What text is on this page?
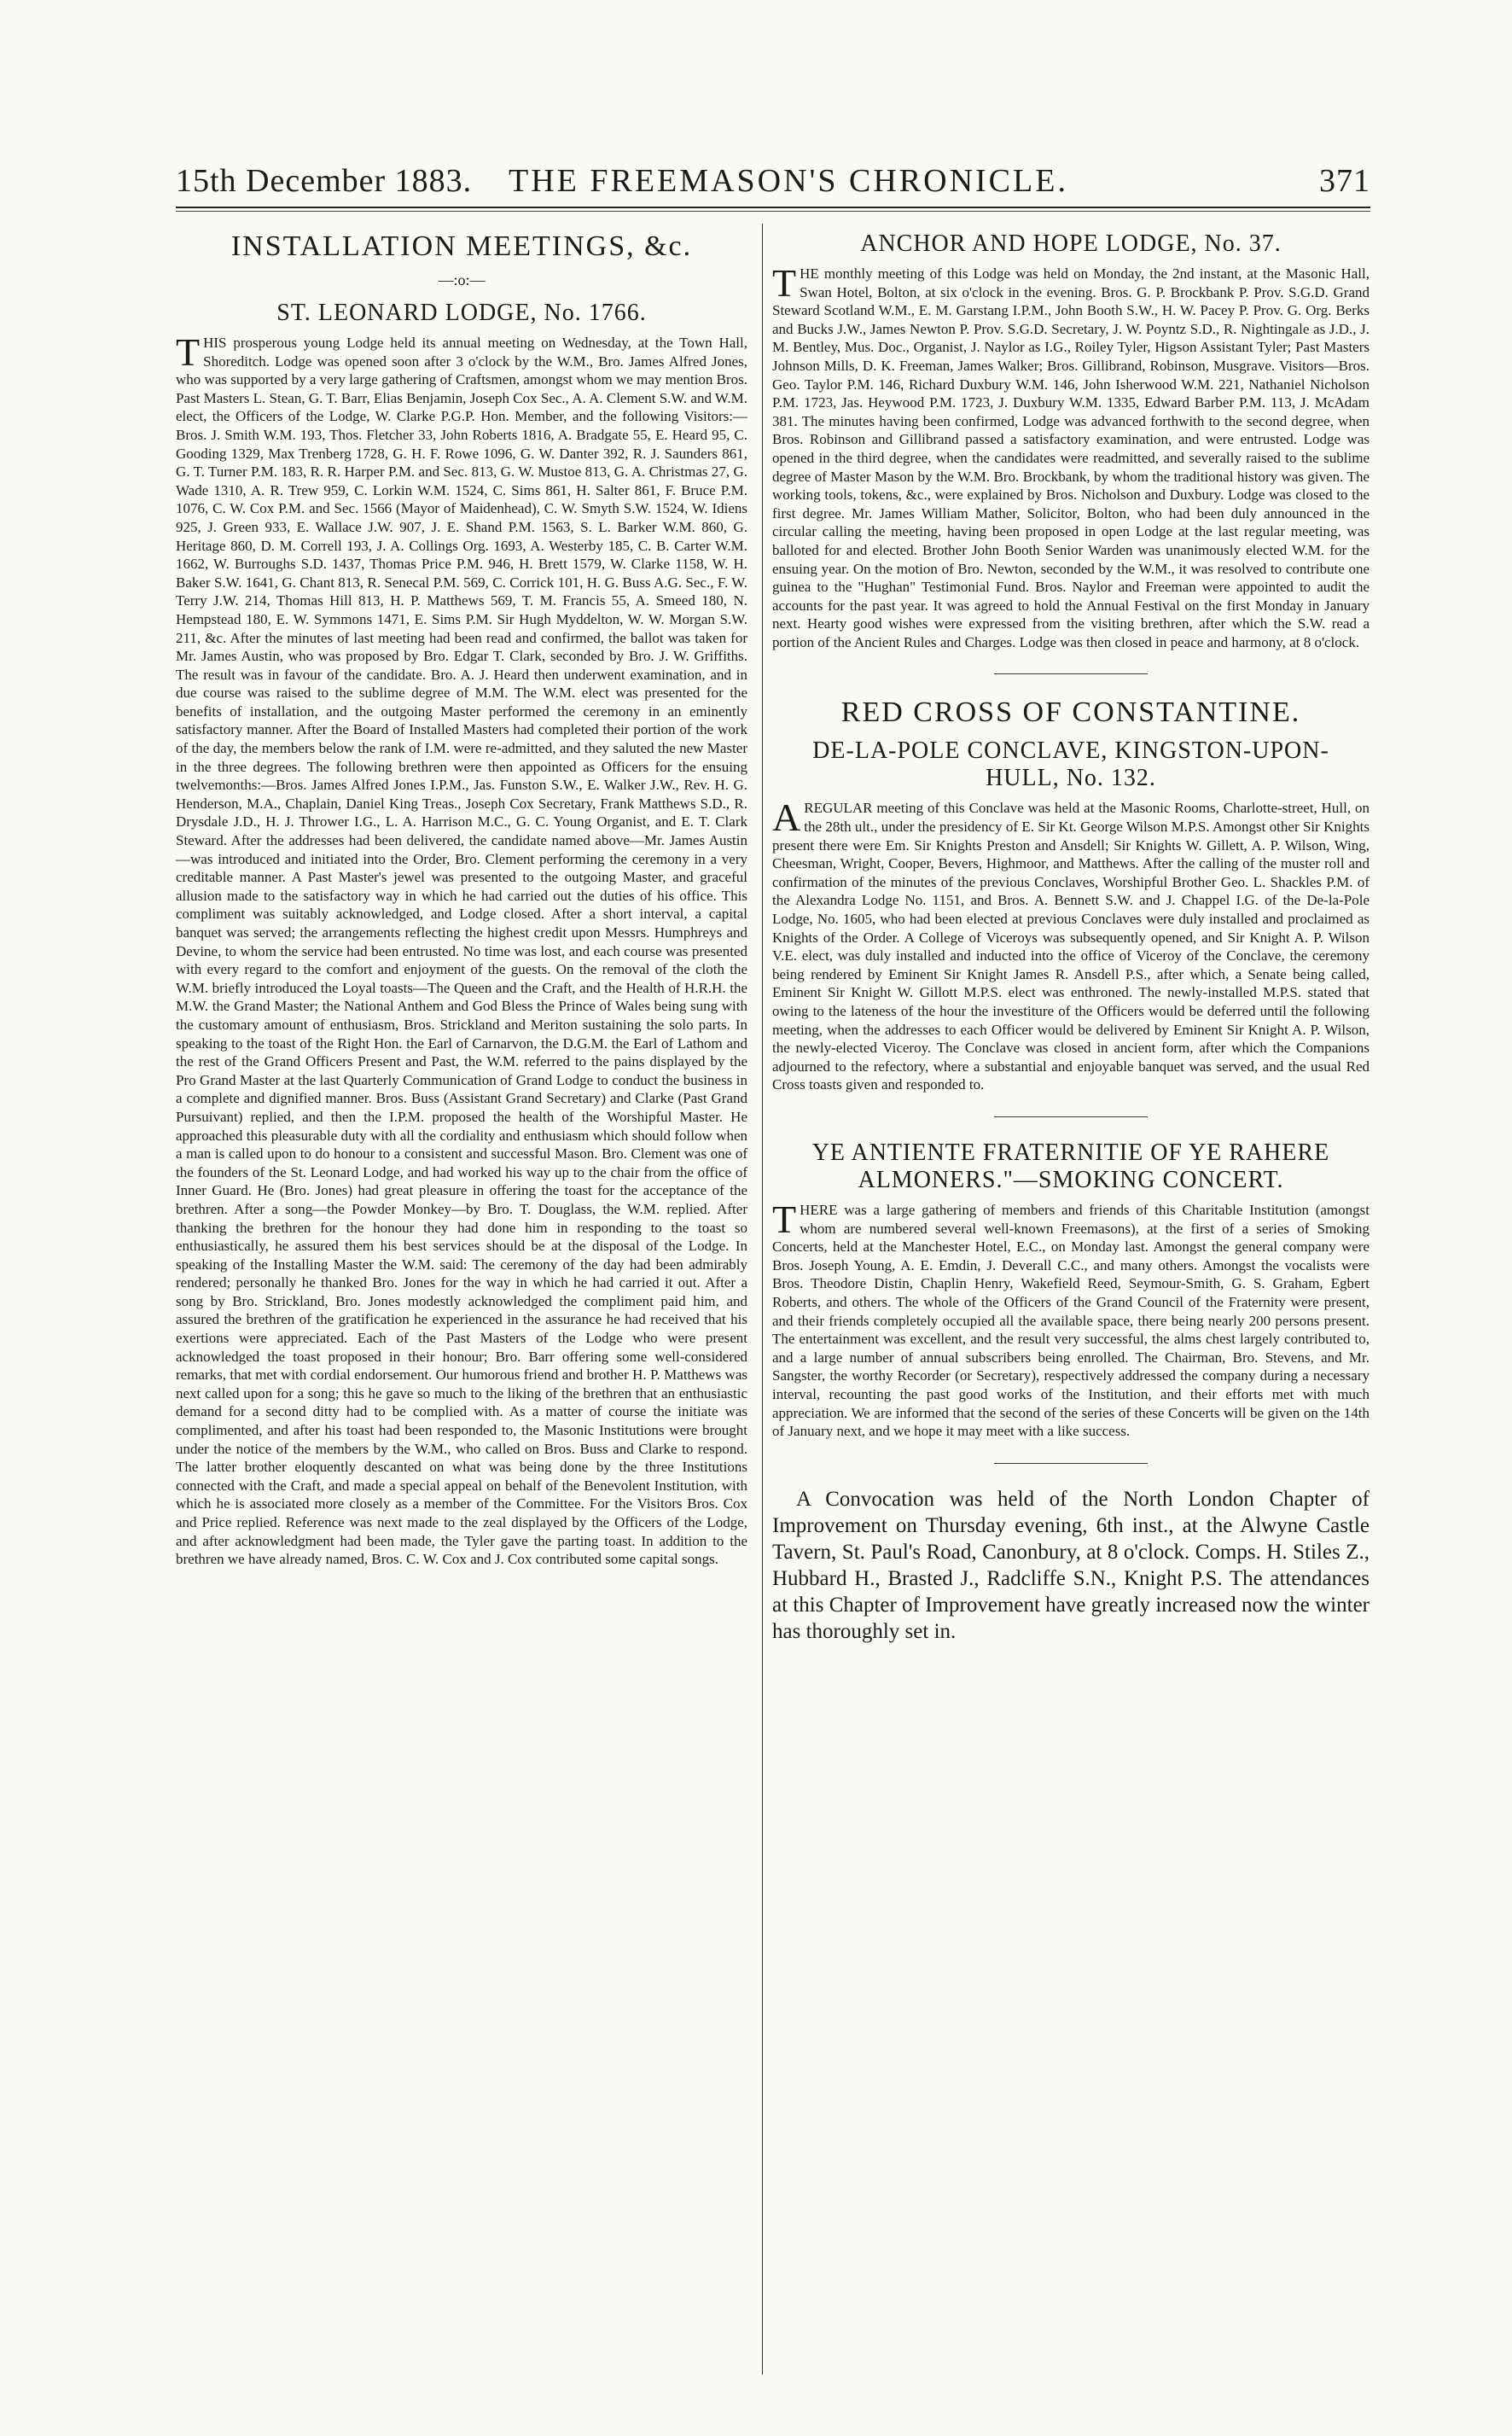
15th December 1883. THE FREEMASON'S CHRONICLE.	371
INSTALLATION MEETINGS, &c.
—:o:—
ST. LEONARD LODGE, No. 1766.

THIS prosperous young Lodge held its annual meeting on Wednesday, at the Town Hall, Shoreditch. Lodge was opened soon after 3 o'clock by the W.M., Bro. James Alfred Jones, who was supported by a very large gathering of Craftsmen, amongst whom we may mention Bros. Past Masters L. Stean, G. T. Barr, Elias Benjamin, Joseph Cox Sec., A. A. Clement S.W. and W.M. elect, the Officers of the Lodge, W. Clarke P.G.P. Hon. Member, and the following Visitors:—Bros. J. Smith W.M. 193, Thos. Fletcher 33, John Roberts 1816, A. Bradgate 55, E. Heard 95, C. Gooding 1329, Max Trenberg 1728, G. H. F. Rowe 1096, G. W. Danter 392, R. J. Saunders 861, G. T. Turner P.M. 183, R. R. Harper P.M. and Sec. 813, G. W. Mustoe 813, G. A. Christmas 27, G. Wade 1310, A. R. Trew 959, C. Lorkin W.M. 1524, C. Sims 861, H. Salter 861, F. Bruce P.M. 1076, C. W. Cox P.M. and Sec. 1566 (Mayor of Maidenhead), C. W. Smyth S.W. 1524, W. Idiens 925, J. Green 933, E. Wallace J.W. 907, J. E. Shand P.M. 1563, S. L. Barker W.M. 860, G. Heritage 860, D. M. Correll 193, J. A. Collings Org. 1693, A. Westerby 185, C. B. Carter W.M. 1662, W. Burroughs S.D. 1437, Thomas Price P.M. 946, H. Brett 1579, W. Clarke 1158, W. H. Baker S.W. 1641, G. Chant 813, R. Senecal P.M. 569, C. Corrick 101, H. G. Buss A.G. Sec., F. W. Terry J.W. 214, Thomas Hill 813, H. P. Matthews 569, T. M. Francis 55, A. Smeed 180, N. Hempstead 180, E. W. Symmons 1471, E. Sims P.M. Sir Hugh Myddelton, W. W. Morgan S.W. 211, &c. After the minutes of last meeting had been read and confirmed, the ballot was taken for Mr. James Austin, who was proposed by Bro. Edgar T. Clark, seconded by Bro. J. W. Griffiths. The result was in favour of the candidate. Bro. A. J. Heard then underwent examination, and in due course was raised to the sublime degree of M.M. The W.M. elect was presented for the benefits of installation, and the outgoing Master performed the ceremony in an eminently satisfactory manner. After the Board of Installed Masters had completed their portion of the work of the day, the members below the rank of I.M. were re-admitted, and they saluted the new Master in the three degrees. The following brethren were then appointed as Officers for the ensuing twelvemonths:—Bros. James Alfred Jones I.P.M., Jas. Funston S.W., E. Walker J.W., Rev. H. G. Henderson, M.A., Chaplain, Daniel King Treas., Joseph Cox Secretary, Frank Matthews S.D., R. Drysdale J.D., H. J. Thrower I.G., L. A. Harrison M.C., G. C. Young Organist, and E. T. Clark Steward. After the addresses had been delivered, the candidate named above—Mr. James Austin—was introduced and initiated into the Order, Bro. Clement performing the ceremony in a very creditable manner. A Past Master's jewel was presented to the outgoing Master, and graceful allusion made to the satisfactory way in which he had carried out the duties of his office. This compliment was suitably acknowledged, and Lodge closed. After a short interval, a capital banquet was served; the arrangements reflecting the highest credit upon Messrs. Humphreys and Devine, to whom the service had been entrusted. No time was lost, and each course was presented with every regard to the comfort and enjoyment of the guests. On the removal of the cloth the W.M. briefly introduced the Loyal toasts—The Queen and the Craft, and the Health of H.R.H. the M.W. the Grand Master; the National Anthem and God Bless the Prince of Wales being sung with the customary amount of enthusiasm, Bros. Strickland and Meriton sustaining the solo parts. In speaking to the toast of the Right Hon. the Earl of Carnarvon, the D.G.M. the Earl of Lathom and the rest of the Grand Officers Present and Past, the W.M. referred to the pains displayed by the Pro Grand Master at the last Quarterly Communication of Grand Lodge to conduct the business in a complete and dignified manner. Bros. Buss (Assistant Grand Secretary) and Clarke (Past Grand Pursuivant) replied, and then the I.P.M. proposed the health of the Worshipful Master. He approached this pleasurable duty with all the cordiality and enthusiasm which should follow when a man is called upon to do honour to a consistent and successful Mason. Bro. Clement was one of the founders of the St. Leonard Lodge, and had worked his way up to the chair from the office of Inner Guard. He (Bro. Jones) had great pleasure in offering the toast for the acceptance of the brethren. After a song—the Powder Monkey—by Bro. T. Douglass, the W.M. replied. After thanking the brethren for the honour they had done him in responding to the toast so enthusiastically, he assured them his best services should be at the disposal of the Lodge. In speaking of the Installing Master the W.M. said: The ceremony of the day had been admirably rendered; personally he thanked Bro. Jones for the way in which he had carried it out. After a song by Bro. Strickland, Bro. Jones modestly acknowledged the compliment paid him, and assured the brethren of the gratification he experienced in the assurance he had received that his exertions were appreciated. Each of the Past Masters of the Lodge who were present acknowledged the toast proposed in their honour; Bro. Barr offering some well-considered remarks, that met with cordial endorsement. Our humorous friend and brother H. P. Matthews was next called upon for a song; this he gave so much to the liking of the brethren that an enthusiastic demand for a second ditty had to be complied with. As a matter of course the initiate was complimented, and after his toast had been responded to, the Masonic Institutions were brought under the notice of the members by the W.M., who called on Bros. Buss and Clarke to respond. The latter brother eloquently descanted on what was being done by the three Institutions connected with the Craft, and made a special appeal on behalf of the Benevolent Institution, with which he is associated more closely as a member of the Committee. For the Visitors Bros. Cox and Price replied. Reference was next made to the zeal displayed by the Officers of the Lodge, and after acknowledgment had been made, the Tyler gave the parting toast. In addition to the brethren we have already named, Bros. C. W. Cox and J. Cox contributed some capital songs.

ANCHOR AND HOPE LODGE, No. 37.

THE monthly meeting of this Lodge was held on Monday, the 2nd instant, at the Masonic Hall, Swan Hotel, Bolton, at six o'clock in the evening. Bros. G. P. Brockbank P. Prov. S.G.D. Grand Steward Scotland W.M., E. M. Garstang I.P.M., John Booth S.W., H. W. Pacey P. Prov. G. Org. Berks and Bucks J.W., James Newton P. Prov. S.G.D. Secretary, J. W. Poyntz S.D., R. Nightingale as J.D., J. M. Bentley, Mus. Doc., Organist, J. Naylor as I.G., Roiley Tyler, Higson Assistant Tyler; Past Masters Johnson Mills, D. K. Freeman, James Walker; Bros. Gillibrand, Robinson, Musgrave. Visitors—Bros. Geo. Taylor P.M. 146, Richard Duxbury W.M. 146, John Isherwood W.M. 221, Nathaniel Nicholson P.M. 1723, Jas. Heywood P.M. 1723, J. Duxbury W.M. 1335, Edward Barber P.M. 113, J. McAdam 381. The minutes having been confirmed, Lodge was advanced forthwith to the second degree, when Bros. Robinson and Gillibrand passed a satisfactory examination, and were entrusted. Lodge was opened in the third degree, when the candidates were readmitted, and severally raised to the sublime degree of Master Mason by the W.M. Bro. Brockbank, by whom the traditional history was given. The working tools, tokens, &c., were explained by Bros. Nicholson and Duxbury. Lodge was closed to the first degree. Mr. James William Mather, Solicitor, Bolton, who had been duly announced in the circular calling the meeting, having been proposed in open Lodge at the last regular meeting, was balloted for and elected. Brother John Booth Senior Warden was unanimously elected W.M. for the ensuing year. On the motion of Bro. Newton, seconded by the W.M., it was resolved to contribute one guinea to the "Hughan" Testimonial Fund. Bros. Naylor and Freeman were appointed to audit the accounts for the past year. It was agreed to hold the Annual Festival on the first Monday in January next. Hearty good wishes were expressed from the visiting brethren, after which the S.W. read a portion of the Ancient Rules and Charges. Lodge was then closed in peace and harmony, at 8 o'clock.

RED CROSS OF CONSTANTINE.
DE-LA-POLE CONCLAVE, KINGSTON-UPON-
HULL, No. 132.

AREGULAR meeting of this Conclave was held at the Masonic Rooms, Charlotte-street, Hull, on the 28th ult., under the presidency of E. Sir Kt. George Wilson M.P.S. Amongst other Sir Knights present there were Em. Sir Knights Preston and Ansdell; Sir Knights W. Gillett, A. P. Wilson, Wing, Cheesman, Wright, Cooper, Bevers, Highmoor, and Matthews. After the calling of the muster roll and confirmation of the minutes of the previous Conclaves, Worshipful Brother Geo. L. Shackles P.M. of the Alexandra Lodge No. 1151, and Bros. A. Bennett S.W. and J. Chappel I.G. of the De-la-Pole Lodge, No. 1605, who had been elected at previous Conclaves were duly installed and proclaimed as Knights of the Order. A College of Viceroys was subsequently opened, and Sir Knight A. P. Wilson V.E. elect, was duly installed and inducted into the office of Viceroy of the Conclave, the ceremony being rendered by Eminent Sir Knight James R. Ansdell P.S., after which, a Senate being called, Eminent Sir Knight W. Gillott M.P.S. elect was enthroned. The newly-installed M.P.S. stated that owing to the lateness of the hour the investiture of the Officers would be deferred until the following meeting, when the addresses to each Officer would be delivered by Eminent Sir Knight A. P. Wilson, the newly-elected Viceroy. The Conclave was closed in ancient form, after which the Companions adjourned to the refectory, where a substantial and enjoyable banquet was served, and the usual Red Cross toasts given and responded to.

YE ANTIENTE FRATERNITIE OF YE RAHERE
ALMONERS."—SMOKING CONCERT.

THERE was a large gathering of members and friends of this Charitable Institution (amongst whom are numbered several well-known Freemasons), at the first of a series of Smoking Concerts, held at the Manchester Hotel, E.C., on Monday last. Amongst the general company were Bros. Joseph Young, A. E. Emdin, J. Deverall C.C., and many others. Amongst the vocalists were Bros. Theodore Distin, Chaplin Henry, Wakefield Reed, Seymour-Smith, G. S. Graham, Egbert Roberts, and others. The whole of the Officers of the Grand Council of the Fraternity were present, and their friends completely occupied all the available space, there being nearly 200 persons present. The entertainment was excellent, and the result very successful, the alms chest largely contributed to, and a large number of annual subscribers being enrolled. The Chairman, Bro. Stevens, and Mr. Sangster, the worthy Recorder (or Secretary), respectively addressed the company during a necessary interval, recounting the past good works of the Institution, and their efforts met with much appreciation. We are informed that the second of the series of these Concerts will be given on the 14th of January next, and we hope it may meet with a like success.

A Convocation was held of the North London Chapter of Improvement on Thursday evening, 6th inst., at the Alwyne Castle Tavern, St. Paul's Road, Canonbury, at 8 o'clock. Comps. H. Stiles Z., Hubbard H., Brasted J., Radcliffe S.N., Knight P.S. The attendances at this Chapter of Improvement have greatly increased now the winter has thoroughly set in.
